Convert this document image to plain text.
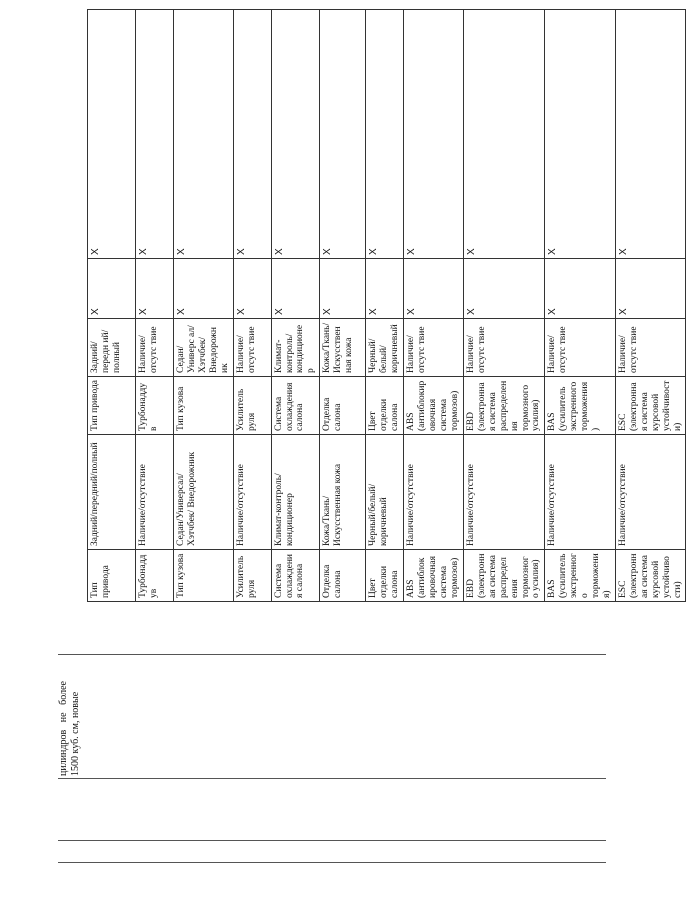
цилиндров не более 1500 куб. см, новые
Тип привода	Задний/передний/полный	Тип привода	Задний/передн ий/полный	X	X
Турбонаддув	Наличие/отсутствие	Турбонаддув	Наличие/отсутс твие	X	X
Тип кузова	Седан/Универсал/ Хэтчбек/ Внедорожник	Тип кузова	Седан/Универс ал/ Хэтчбек/ Внедорожник	X	X
Усилитель руля	Наличие/отсутствие	Усилитель руля	Наличие/отсутс твие	X	X
Система охлаждения салона	Климат-контроль/ кондиционер	Система охлаждения салона	Климат-контроль/ кондиционер	X	X
Отделка салона	Кожа/Ткань/ Искусственная кожа	Отделка салона	Кожа/Ткань/ Искусственная кожа	X	X
Цвет отделки салона	Черный/белый/коричневый	Цвет отделки салона	Черный/белый/ коричневый	X	X
ABS (антиблокировочная система тормозов)	Наличие/отсутствие	ABS (антиблокировочная система тормозов)	Наличие/отсутс твие	X	X
EBD (электронная система распределения тормозного усилия)	Наличие/отсутствие	EBD (электронная система распределения тормозного усилия)	Наличие/отсутс твие	X	X
BAS (усилитель экстренного торможения)	Наличие/отсутствие	BAS (усилитель экстренного торможения)	Наличие/отсутс твие	X	X
ESC (электронная система курсовой устойчивости)	Наличие/отсутствие	ESC (электронная система курсовой устойчивости)	Наличие/отсутс твие	X	X
